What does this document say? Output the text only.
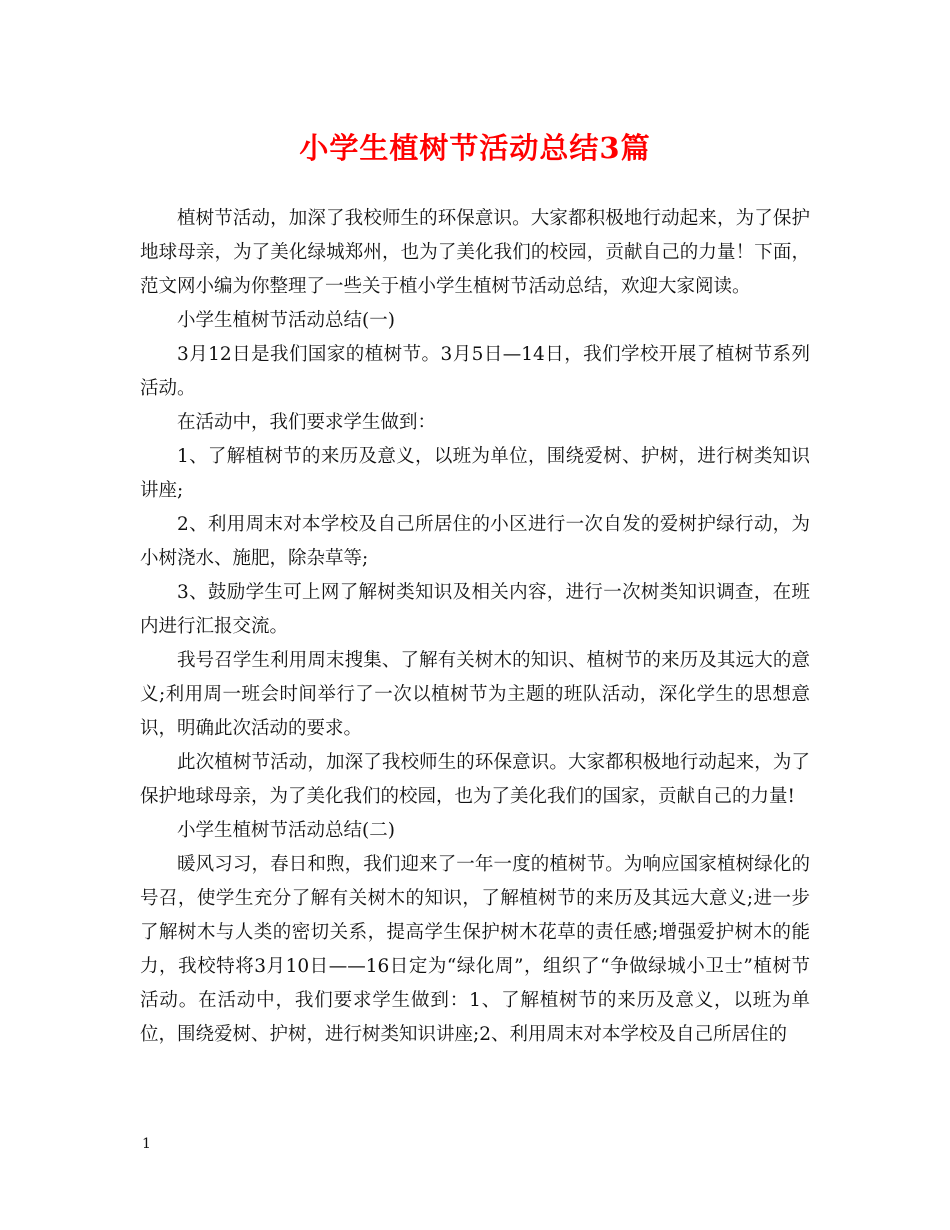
小学生植树节活动总结3篇

植树节活动，加深了我校师生的环保意识。大家都积极地行动起来，为了保护地球母亲，为了美化绿城郑州，也为了美化我们的校园，贡献自己的力量！下面，范文网小编为你整理了一些关于植小学生植树节活动总结，欢迎大家阅读。

小学生植树节活动总结(一)

3月12日是我们国家的植树节。3月5日—14日，我们学校开展了植树节系列活动。

在活动中，我们要求学生做到：

1、了解植树节的来历及意义，以班为单位，围绕爱树、护树，进行树类知识讲座;

2、利用周末对本学校及自己所居住的小区进行一次自发的爱树护绿行动，为小树浇水、施肥，除杂草等;

3、鼓励学生可上网了解树类知识及相关内容，进行一次树类知识调查，在班内进行汇报交流。

我号召学生利用周末搜集、了解有关树木的知识、植树节的来历及其远大的意义;利用周一班会时间举行了一次以植树节为主题的班队活动，深化学生的思想意识，明确此次活动的要求。

此次植树节活动，加深了我校师生的环保意识。大家都积极地行动起来，为了保护地球母亲，为了美化我们的校园，也为了美化我们的国家，贡献自己的力量!

小学生植树节活动总结(二)

暖风习习，春日和煦，我们迎来了一年一度的植树节。为响应国家植树绿化的号召，使学生充分了解有关树木的知识，了解植树节的来历及其远大意义;进一步了解树木与人类的密切关系，提高学生保护树木花草的责任感;增强爱护树木的能力，我校特将3月10日——16日定为“绿化周”，组织了“争做绿城小卫士”植树节活动。在活动中，我们要求学生做到：1、了解植树节的来历及意义，以班为单位，围绕爱树、护树，进行树类知识讲座;2、利用周末对本学校及自己所居住的

1
